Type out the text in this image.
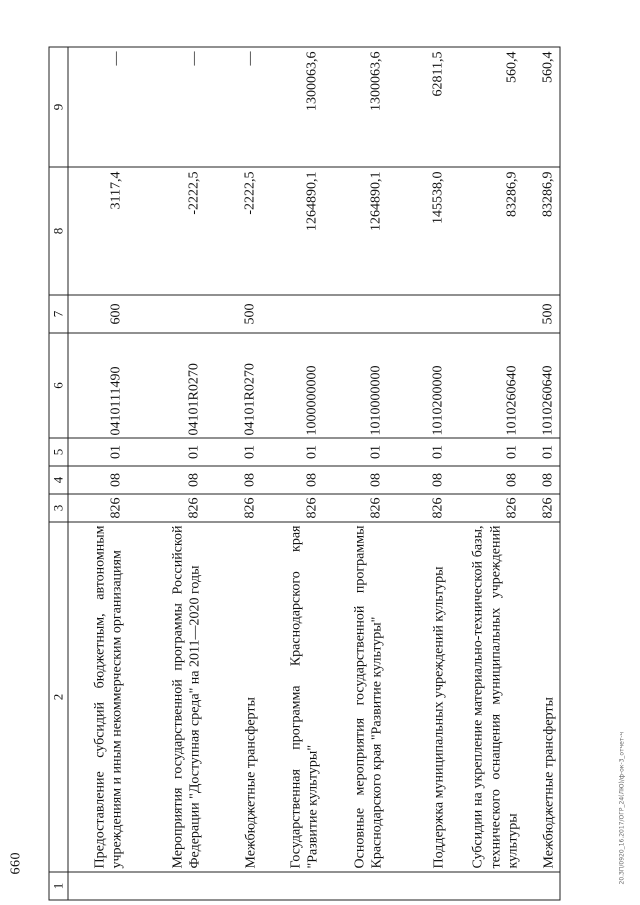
660
1	2	3	4	5	6	7	8	9
	Предоставление субсидий бюджетным, автономным учреждениям и иным некоммерческим организациям	826	08	01	0410111490	600	3117,4	—
	Мероприятия государственной программы Российской Федерации "Доступная среда" на 2011—2020 годы	826	08	01	04101R0270		-2222,5	—
	Межбюджетные трансферты	826	08	01	04101R0270	500	-2222,5	—
	Государственная программа Краснодарского края "Развитие культуры"	826	08	01	1000000000		1264890,1	1300063,6
	Основные мероприятия государственной программы Краснодарского края "Развитие культуры"	826	08	01	1010000000		1264890,1	1300063,6
	Поддержка муниципальных учреждений культуры	826	08	01	1010200000		145538,0	62811,5
	Субсидии на укрепление материально-технической базы, технического оснащения муниципальных учреждений культуры	826	08	01	1010260640		83286,9	560,4
	Межбюджетные трансферты	826	08	01	1010260640	500	83286,9	560,4
20.ЗП/0920_16.2017/ОГР_24(ЛЮ)/ф-ок-3_отчет-ч
